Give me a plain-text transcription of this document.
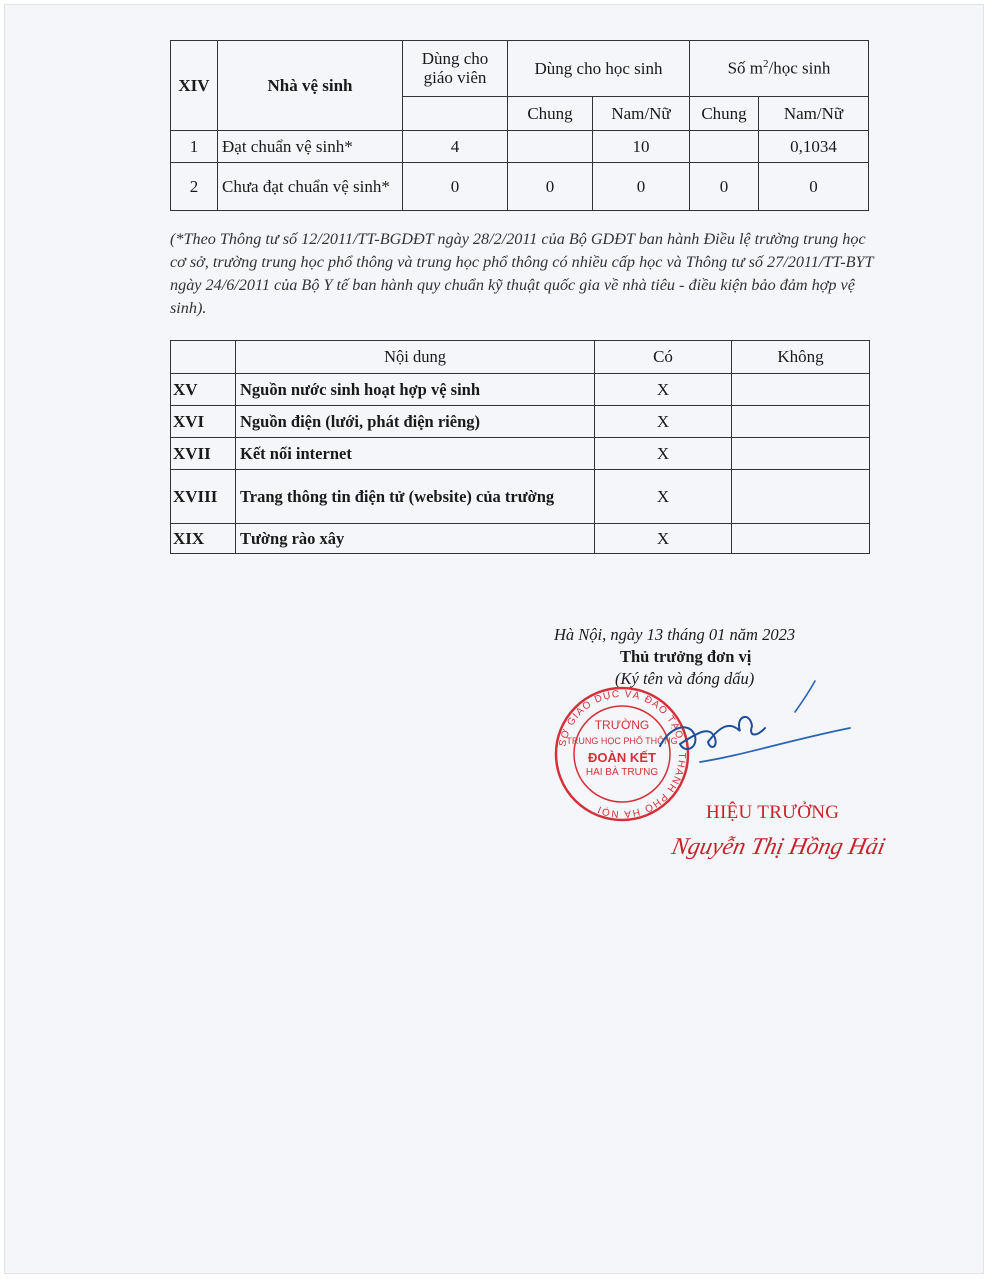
XIV	Nhà vệ sinh	Dùng cho giáo viên	Dùng cho học sinh		Số $m^2$/học sinh	
			Chung	Nam/Nữ	Chung	Nam/Nữ
1	Đạt chuẩn vệ sinh*	4		10		0,1034
2	Chưa đạt chuẩn vệ sinh*	0	0	0	0	0
(*Theo Thông tư số 12/2011/TT-BGDĐT ngày 28/2/2011 của Bộ GDĐT ban hành Điều lệ trường trung học cơ sở, trường trung học phổ thông và trung học phổ thông có nhiều cấp học và Thông tư số 27/2011/TT-BYT ngày 24/6/2011 của Bộ Y tế ban hành quy chuẩn kỹ thuật quốc gia về nhà tiêu - điều kiện bảo đảm hợp vệ sinh).
	Nội dung	Có	Không
XV	Nguồn nước sinh hoạt hợp vệ sinh	X	
XVI	Nguồn điện (lưới, phát điện riêng)	X	
XVII	Kết nối internet	X	
XVIII	Trang thông tin điện tử (website) của trường	X	
XIX	Tường rào xây	X	
Hà Nội, ngày 13 tháng 01 năm 2023
Thủ trưởng đơn vị
(Ký tên và đóng dấu)
SỞ GIÁO DỤC VÀ ĐÀO TẠO · THÀNH PHỐ HÀ NỘI
TRƯỜNG
TRUNG HỌC PHỔ THÔNG
ĐOÀN KẾT
HAI BÀ TRƯNG
HIỆU TRƯỞNG
Nguyễn Thị Hồng Hải
